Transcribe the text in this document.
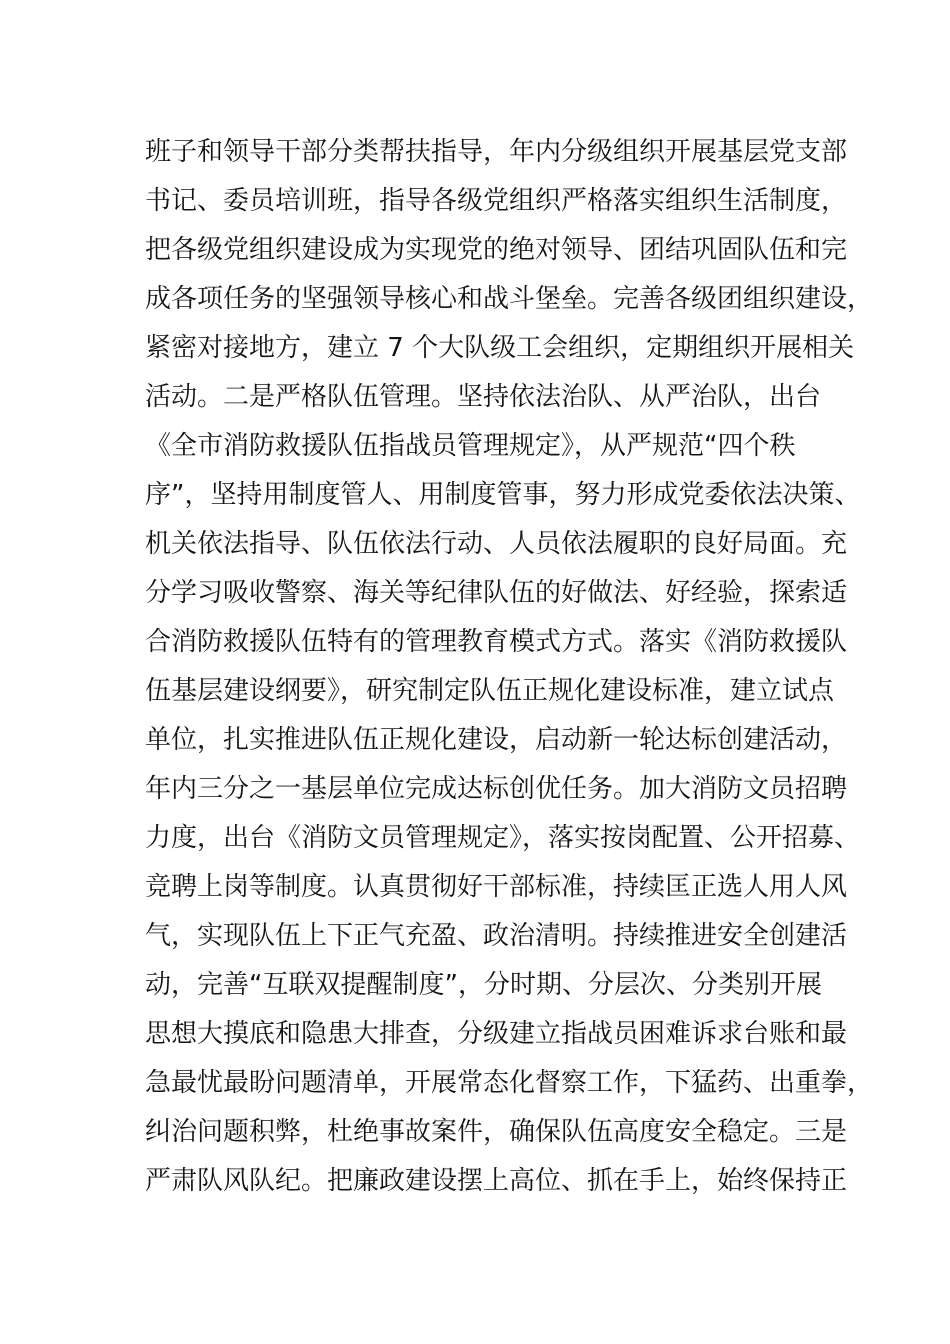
班子和领导干部分类帮扶指导，年内分级组织开展基层党支部
书记、委员培训班，指导各级党组织严格落实组织生活制度，
把各级党组织建设成为实现党的绝对领导、团结巩固队伍和完
成各项任务的坚强领导核心和战斗堡垒。完善各级团组织建设，
紧密对接地方，建立 7 个大队级工会组织，定期组织开展相关
活动。二是严格队伍管理。坚持依法治队、从严治队，出台
《全市消防救援队伍指战员管理规定》，从严规范“四个秩
序”，坚持用制度管人、用制度管事，努力形成党委依法决策、
机关依法指导、队伍依法行动、人员依法履职的良好局面。充
分学习吸收警察、海关等纪律队伍的好做法、好经验，探索适
合消防救援队伍特有的管理教育模式方式。落实《消防救援队
伍基层建设纲要》，研究制定队伍正规化建设标准，建立试点
单位，扎实推进队伍正规化建设，启动新一轮达标创建活动，
年内三分之一基层单位完成达标创优任务。加大消防文员招聘
力度，出台《消防文员管理规定》，落实按岗配置、公开招募、
竞聘上岗等制度。认真贯彻好干部标准，持续匡正选人用人风
气，实现队伍上下正气充盈、政治清明。持续推进安全创建活
动，完善“互联双提醒制度”，分时期、分层次、分类别开展
思想大摸底和隐患大排查，分级建立指战员困难诉求台账和最
急最忧最盼问题清单，开展常态化督察工作，下猛药、出重拳，
纠治问题积弊，杜绝事故案件，确保队伍高度安全稳定。三是
严肃队风队纪。把廉政建设摆上高位、抓在手上，始终保持正
